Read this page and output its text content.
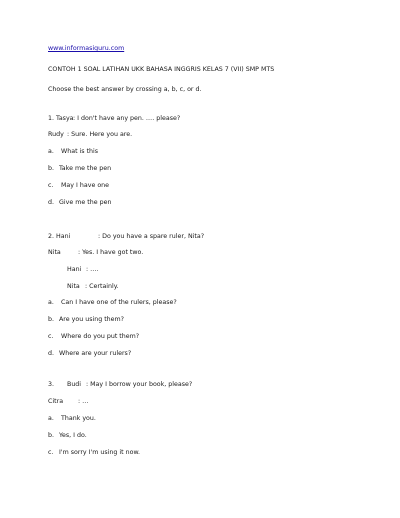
www.informasiguru.com
CONTOH 1 SOAL LATIHAN UKK BAHASA INGGRIS KELAS 7 (VII) SMP MTS
Choose the best answer by crossing a, b, c, or d.
1. Tasya : I don't have any pen. …. please?
Rudy : Sure. Here you are.
a. What is this
b. Take me the pen
c. May I have one
d. Give me the pen
2. Hani	: Do you have a spare ruler, Nita?
Nita	: Yes. I have got two.
Hani : ….
Nita : Certainly.
a. Can I have one of the rulers, please?
b. Are you using them?
c. Where do you put them?
d. Where are your rulers?
3. Budi : May I borrow your book, please?
Citra : …
a. Thank you.
b. Yes, I do.
c. I'm sorry I'm using it now.
